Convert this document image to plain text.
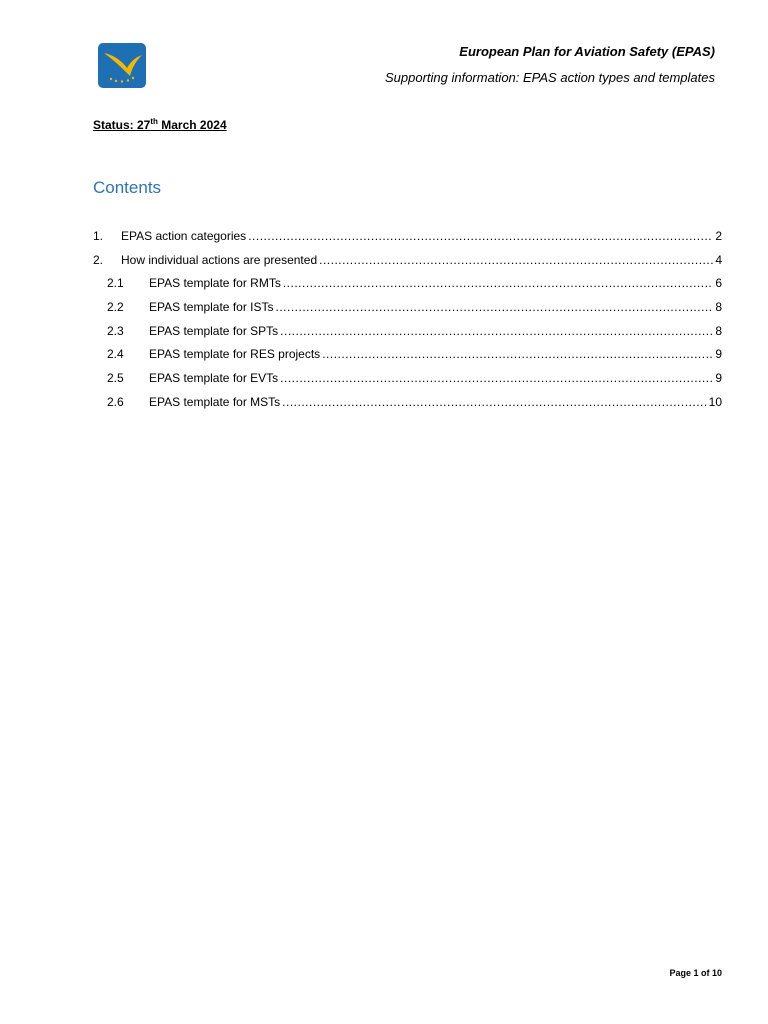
European Plan for Aviation Safety (EPAS)
Supporting information: EPAS action types and templates
Status: 27th March 2024
Contents
1.	EPAS action categories .....	2
2.	How individual actions are presented .....	4
2.1	EPAS template for RMTs .....	6
2.2	EPAS template for ISTs .....	8
2.3	EPAS template for SPTs .....	8
2.4	EPAS template for RES projects .....	9
2.5	EPAS template for EVTs .....	9
2.6	EPAS template for MSTs .....	10
Page 1 of 10
